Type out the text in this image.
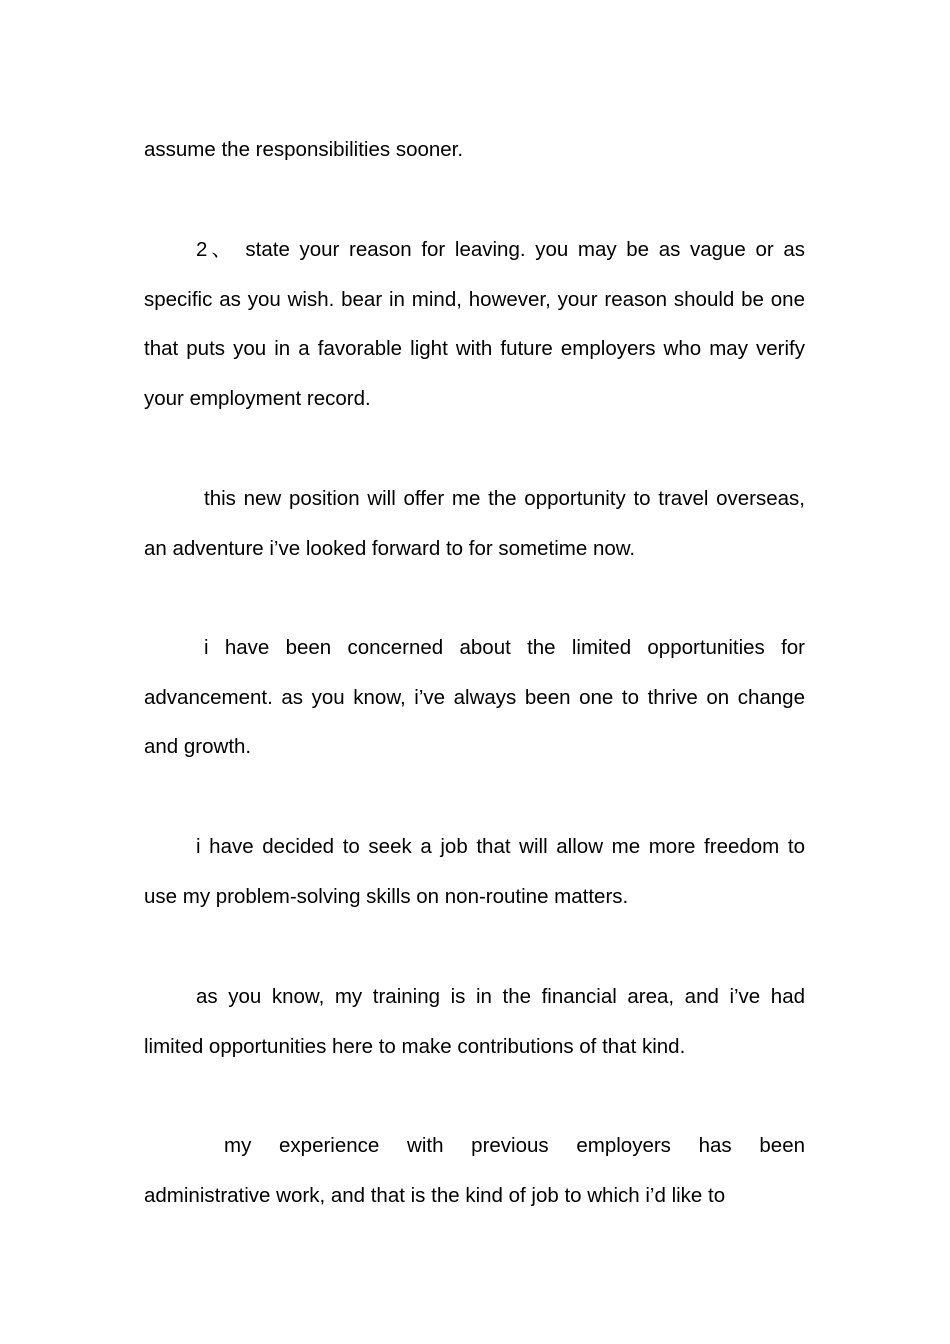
assume the responsibilities sooner.

2、 state your reason for leaving. you may be as vague or as specific as you wish. bear in mind, however, your reason should be one that puts you in a favorable light with future employers who may verify your employment record.

this new position will offer me the opportunity to travel overseas, an adventure i’ve looked forward to for sometime now.

i have been concerned about the limited opportunities for advancement. as you know, i’ve always been one to thrive on change and growth.

i have decided to seek a job that will allow me more freedom to use my problem-solving skills on non-routine matters.

as you know, my training is in the financial area, and i’ve had limited opportunities here to make contributions of that kind.

my experience with previous employers has been administrative work, and that is the kind of job to which i’d like to
